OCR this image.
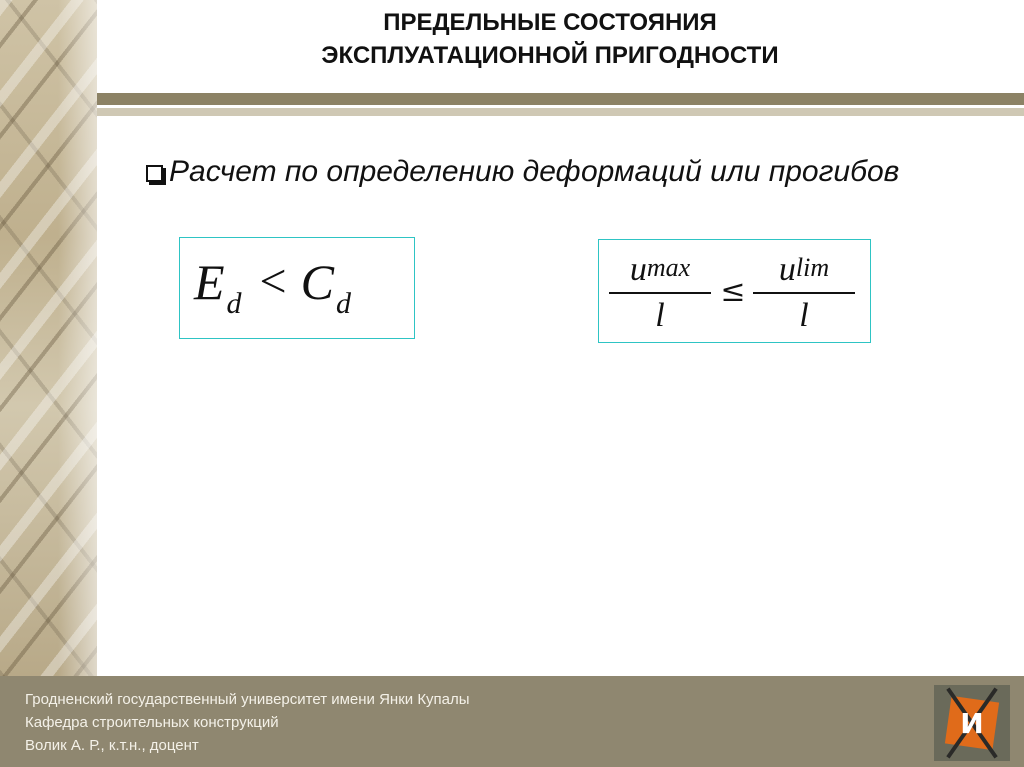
ПРЕДЕЛЬНЫЕ СОСТОЯНИЯ
ЭКСПЛУАТАЦИОННОЙ ПРИГОДНОСТИ
Расчет по определению деформаций или прогибов
E d < C d
umax
l
≤
ulim
l
Гродненский государственный университет имени Янки Купалы
Кафедра строительных конструкций
Волик А. Р., к.т.н., доцент
И
